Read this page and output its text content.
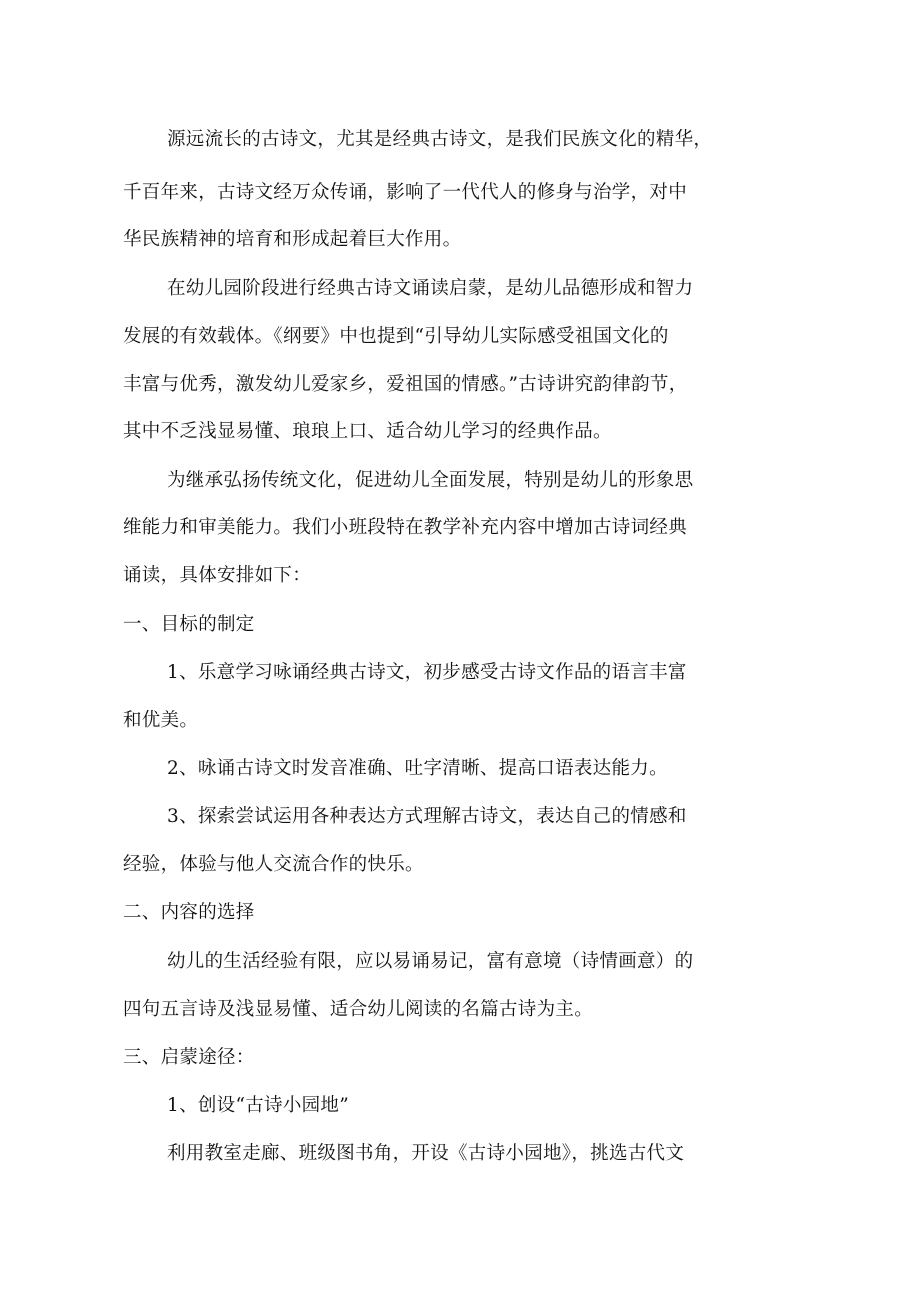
源远流长的古诗文，尤其是经典古诗文，是我们民族文化的精华，
千百年来，古诗文经万众传诵，影响了一代代人的修身与治学，对中
华民族精神的培育和形成起着巨大作用。
在幼儿园阶段进行经典古诗文诵读启蒙，是幼儿品德形成和智力
发展的有效载体。《纲要》中也提到“引导幼儿实际感受祖国文化的
丰富与优秀，激发幼儿爱家乡，爱祖国的情感。”古诗讲究韵律韵节，
其中不乏浅显易懂、琅琅上口、适合幼儿学习的经典作品。
为继承弘扬传统文化，促进幼儿全面发展，特别是幼儿的形象思
维能力和审美能力。我们小班段特在教学补充内容中增加古诗词经典
诵读，具体安排如下：
一、目标的制定
1、乐意学习咏诵经典古诗文，初步感受古诗文作品的语言丰富
和优美。
2、咏诵古诗文时发音准确、吐字清晰、提高口语表达能力。
3、探索尝试运用各种表达方式理解古诗文，表达自己的情感和
经验，体验与他人交流合作的快乐。
二、内容的选择
幼儿的生活经验有限，应以易诵易记，富有意境（诗情画意）的
四句五言诗及浅显易懂、适合幼儿阅读的名篇古诗为主。
三、启蒙途径：
1、创设“古诗小园地”
利用教室走廊、班级图书角，开设《古诗小园地》，挑选古代文
